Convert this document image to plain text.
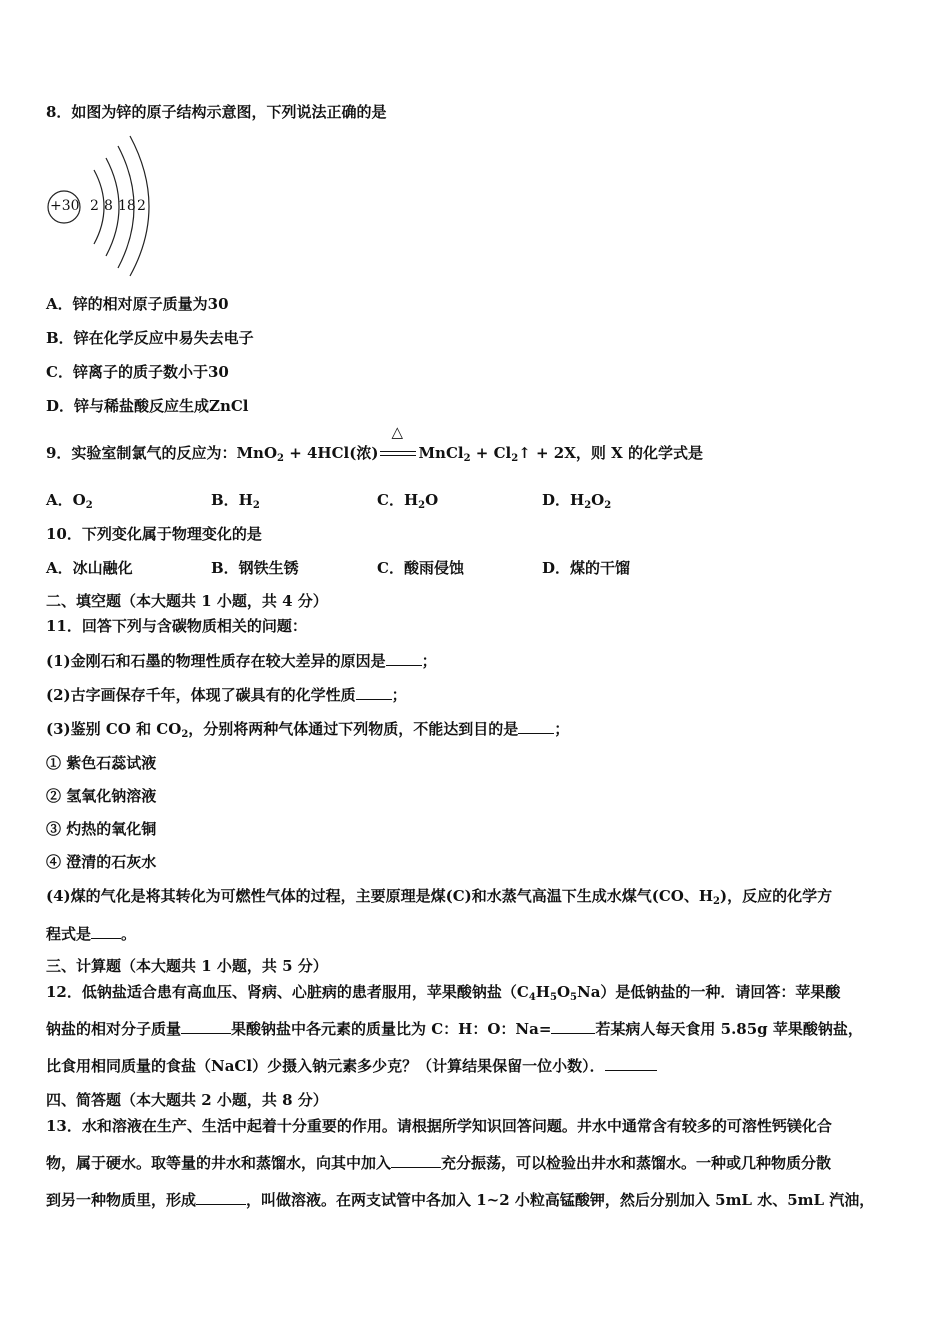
8．如图为锌的原子结构示意图，下列说法正确的是
+30 2 8 18 2
A．锌的相对原子质量为30
B．锌在化学反应中易失去电子
C．锌离子的质子数小于30
D．锌与稀盐酸反应生成ZnCl
9．实验室制氯气的反应为：MnO$_2$ + 4HCl(浓)
△
MnCl$_2$ + $Cl_2↑ + 2X$，则 X 的化学式是
A．$O_2$	B．$H_2$	C．$H_2O$	D．$H_2O_2$
10．下列变化属于物理变化的是
A．冰山融化	B．钢铁生锈	C．酸雨侵蚀	D．煤的干馏
二、填空题（本大题共 1 小题，共 4 分）
11．回答下列与含碳物质相关的问题：
(1)金刚石和石墨的物理性质存在较大差异的原因是 ；
(2)古字画保存千年，体现了碳具有的化学性质 ；
(3)鉴别 CO 和 $CO_2$，分别将两种气体通过下列物质，不能达到目的是 ；
① 紫色石蕊试液
② 氢氧化钠溶液
③ 灼热的氧化铜
④ 澄清的石灰水
(4)煤的气化是将其转化为可燃性气体的过程，主要原理是煤(C)和水蒸气高温下生成水煤气(CO、$H_2$)，反应的化学方
程式是 。
三、计算题（本大题共 1 小题，共 5 分）
12．低钠盐适合患有高血压、肾病、心脏病的患者服用，苹果酸钠盐$(C_4H_5O_5Na)$是低钠盐的一种．请回答：苹果酸
钠盐的相对分子质量	果酸钠盐中各元素的质量比为 C：H：O：Na=	若某病人每天食用 5.85g 苹果酸钠盐，
比食用相同质量的食盐（NaCl）少摄入钠元素多少克？（计算结果保留一位小数）．
四、简答题（本大题共 2 小题，共 8 分）
13．水和溶液在生产、生活中起着十分重要的作用。请根据所学知识回答问题。井水中通常含有较多的可溶性钙镁化合
物，属于硬水。取等量的井水和蒸馏水，向其中加入	充分振荡，可以检验出井水和蒸馏水。一种或几种物质分散
到另一种物质里，形成	，叫做溶液。在两支试管中各加入 1~2 小粒高锰酸钾，然后分别加入 5mL 水、5mL 汽油，
